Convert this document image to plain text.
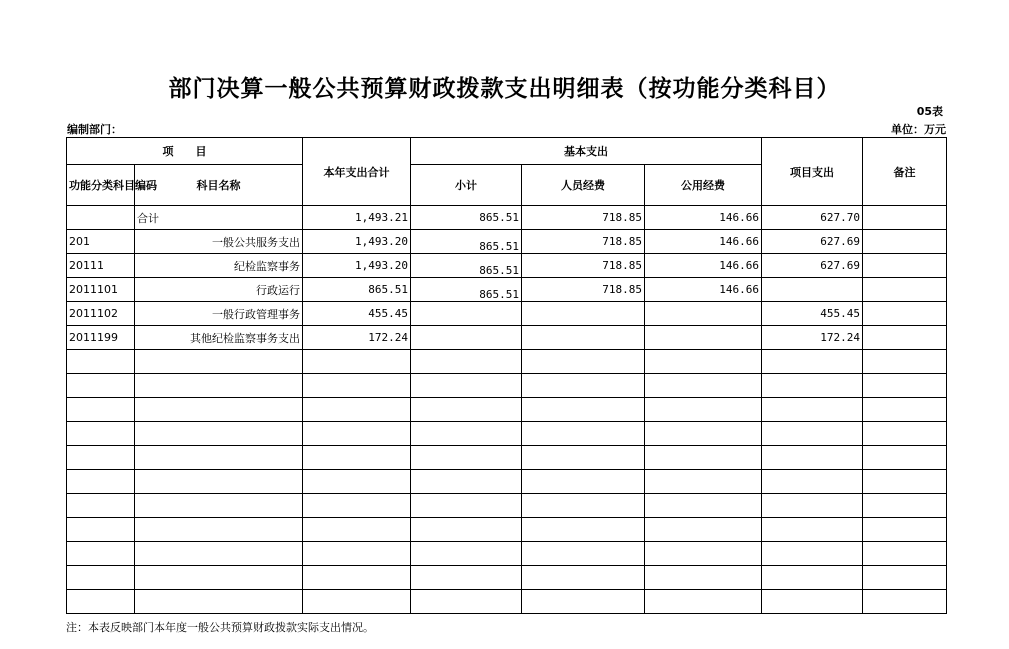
部门决算一般公共预算财政拨款支出明细表（按功能分类科目）
05表
编制部门：	单位：万元
项　　目		本年支出合计	基本支出			项目支出	备注
功能分类科目编码	科目名称		小计	人员经费	公用经费		
	合计	1,493.21	865.51	718.85	146.66	627.70	
201	一般公共服务支出	1,493.20	865.51	718.85	146.66	627.69	
20111	纪检监察事务	1,493.20	865.51	718.85	146.66	627.69	
2011101	行政运行	865.51	865.51	718.85	146.66		
2011102	一般行政管理事务	455.45				455.45	
2011199	其他纪检监察事务支出	172.24				172.24	

注：本表反映部门本年度一般公共预算财政拨款实际支出情况。
